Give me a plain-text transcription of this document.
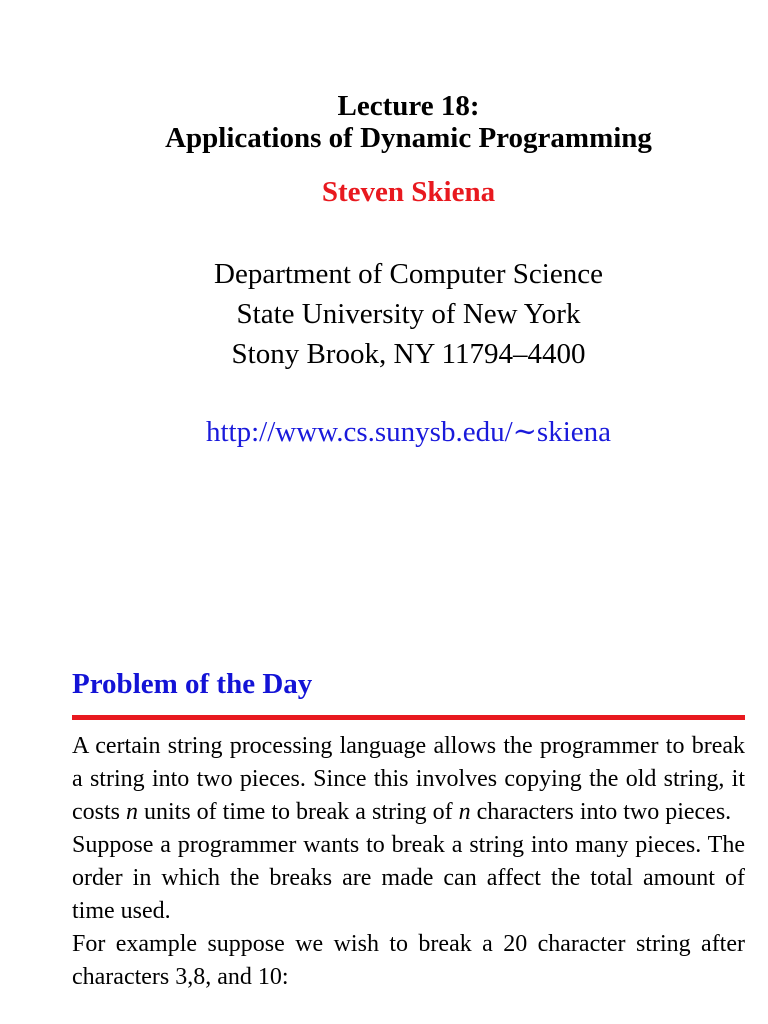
Lecture 18:
Applications of Dynamic Programming
Steven Skiena
Department of Computer Science
State University of New York
Stony Brook, NY 11794–4400
http://www.cs.sunysb.edu/∼skiena
Problem of the Day

A certain string processing language allows the programmer to break a string into two pieces. Since this involves copying the old string, it costs n units of time to break a string of n characters into two pieces.

Suppose a programmer wants to break a string into many pieces. The order in which the breaks are made can affect the total amount of time used.

For example suppose we wish to break a 20 character string after characters 3,8, and 10:
